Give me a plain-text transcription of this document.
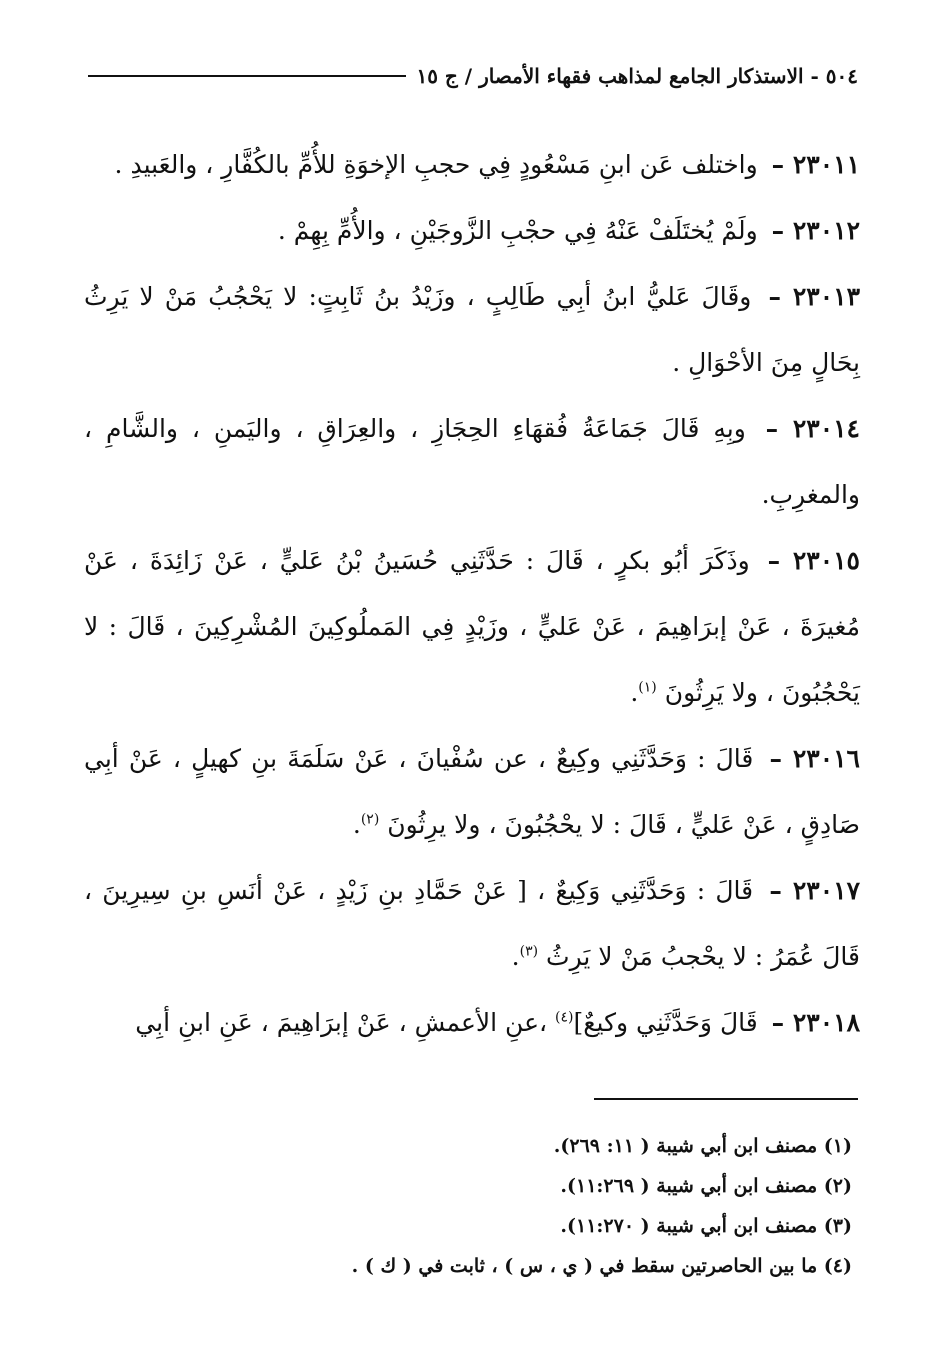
٥٠٤ - الاستذكار الجامع لمذاهب فقهاء الأمصار / ج ١٥

٢٣٠١١ – واختلف عَن ابنِ مَسْعُودٍ فِي حجبِ الإخوَةِ للأُمِّ بالكُفَّارِ ، والعَبيدِ .

٢٣٠١٢ – ولَمْ يُختَلَفْ عَنْهُ فِي حجْبِ الزَّوجَيْنِ ، والأُمِّ بِهِمْ .

٢٣٠١٣ – وقَالَ عَليُّ ابنُ أبِي طَالِبٍ ، وزَيْدُ بنُ ثَابِتٍ: لا يَحْجُبُ مَنْ لا يَرِثُ بِحَالٍ مِنَ الأحْوَالِ .

٢٣٠١٤ – وبِهِ قَالَ جَمَاعَةُ فُقهَاءِ الحِجَازِ ، والعِرَاقِ ، واليَمنِ ، والشَّامِ ، والمغرِبِ.

٢٣٠١٥ – وذَكَرَ أبُو بكرٍ ، قَالَ : حَدَّثَنِي حُسَينُ بْنُ عَليٍّ ، عَنْ زَائِدَةَ ، عَنْ مُغيرَةَ ، عَنْ إبرَاهِيمَ ، عَنْ عَليٍّ ، وزَيْدٍ فِي المَملُوكِينَ المُشْرِكِينَ ، قَالَ : لا يَحْجُبُونَ ، ولا يَرِثُونَ $^{(١)}$.

٢٣٠١٦ – قَالَ : وَحَدَّثَنِي وكِيعٌ ، عن سُفْيانَ ، عَنْ سَلَمَةَ بنِ كهيلٍ ، عَنْ أبِي صَادِقٍ ، عَنْ عَليٍّ ، قَالَ : لا يحْجُبُونَ ، ولا يرِثُونَ $^{(٢)}$.

٢٣٠١٧ – قَالَ : وَحَدَّثَنِي وَكِيعٌ ، [ عَنْ حَمَّادِ بنِ زَيْدٍ ، عَنْ أنَسِ بنِ سِيرِينَ ، قَالَ عُمَرُ : لا يحْجبُ مَنْ لا يَرِثُ $^{(٣)}$.

٢٣٠١٨ – قَالَ وَحَدَّثَنِي وكيعٌ]$^{(٤)}$ ،عنِ الأعمشِ ، عَنْ إبرَاهِيمَ ، عَنِ ابنِ أبِي

(١) مصنف ابن أبي شيبة ( ١١: ٢٦٩).

(٢) مصنف ابن أبي شيبة ( ١١:٢٦٩).

(٣) مصنف ابن أبي شيبة ( ١١:٢٧٠).

(٤) ما بين الحاصرتين سقط في ( ي ، س ) ، ثابت في ( ك ) .
